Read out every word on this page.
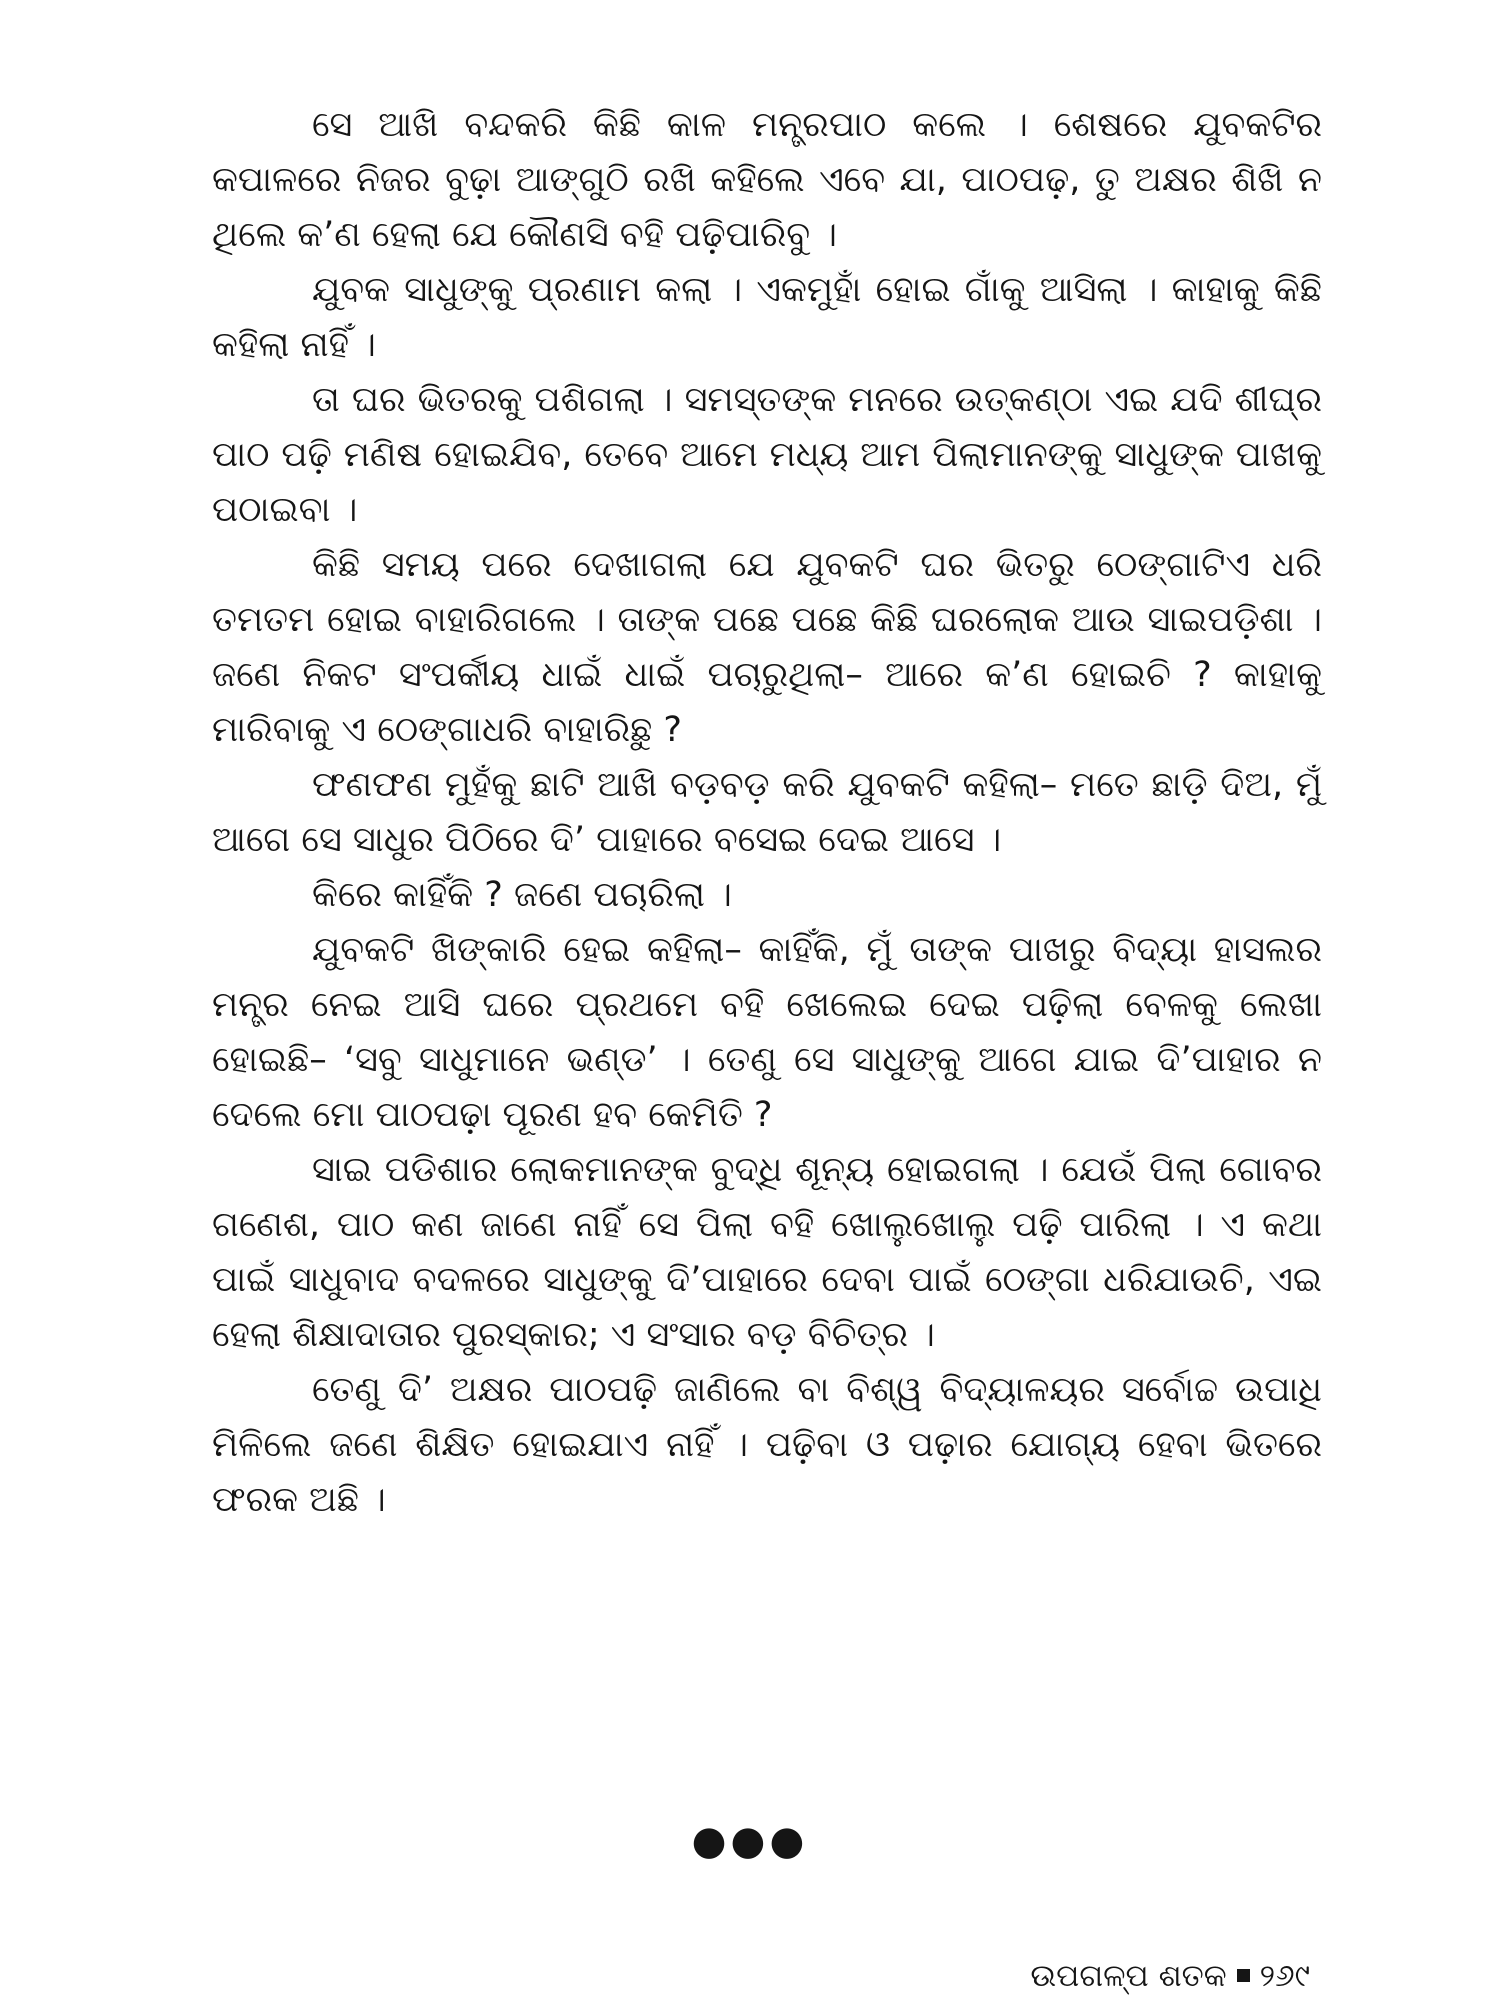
ସେ ଆଖି ବନ୍ଦକରି କିଛି କାଳ ମନ୍ତ୍ରପାଠ କଲେ । ଶେଷରେ ଯୁବକଟିର କପାଳରେ ନିଜର ବୁଢ଼ା ଆଙ୍ଗୁଠି ରଖି କହିଲେ ଏବେ ଯା, ପାଠପଢ଼, ତୁ ଅକ୍ଷର ଶିଖି ନ ଥିଲେ କ’ଣ ହେଲା ଯେ କୌଣସି ବହି ପଢ଼ିପାରିବୁ ।

ଯୁବକ ସାଧୁଙ୍କୁ ପ୍ରଣାମ କଲା । ଏକମୁହାଁ ହୋଇ ଗାଁକୁ ଆସିଲା । କାହାକୁ କିଛି କହିଲା ନାହିଁ ।

ତା ଘର ଭିତରକୁ ପଶିଗଲା । ସମସ୍ତଙ୍କ ମନରେ ଉତ୍କଣ୍ଠା ଏଇ ଯଦି ଶୀଘ୍ର ପାଠ ପଢ଼ି ମଣିଷ ହୋଇଯିବ, ତେବେ ଆମେ ମଧ୍ୟ ଆମ ପିଲାମାନଙ୍କୁ ସାଧୁଙ୍କ ପାଖକୁ ପଠାଇବା ।

କିଛି ସମୟ ପରେ ଦେଖାଗଲା ଯେ ଯୁବକଟି ଘର ଭିତରୁ ଠେଙ୍ଗାଟିଏ ଧରି ତମତମ ହୋଇ ବାହାରିଗଲେ । ତାଙ୍କ ପଛେ ପଛେ କିଛି ଘରଲୋକ ଆଉ ସାଇପଡ଼ିଶା । ଜଣେ ନିକଟ ସଂପର୍କୀୟ ଧାଇଁ ଧାଇଁ ପଚାରୁଥିଲା– ଆରେ କ’ଣ ହୋଇଚି ? କାହାକୁ ମାରିବାକୁ ଏ ଠେଙ୍ଗାଧରି ବାହାରିଛୁ ?

ଫଣଫଣ ମୁହଁକୁ ଛାଟି ଆଖି ବଡ଼ବଡ଼ କରି ଯୁବକଟି କହିଲା– ମତେ ଛାଡ଼ି ଦିଅ, ମୁଁ ଆଗେ ସେ ସାଧୁର ପିଠିରେ ଦି’ ପାହାରେ ବସେଇ ଦେଇ ଆସେ ।

କିରେ କାହିଁକି ? ଜଣେ ପଚାରିଲା ।

ଯୁବକଟି ଖିଙ୍କାରି ହେଇ କହିଲା– କାହିଁକି, ମୁଁ ତାଙ୍କ ପାଖରୁ ବିଦ୍ୟା ହାସଲର ମନ୍ତ୍ର ନେଇ ଆସି ଘରେ ପ୍ରଥମେ ବହି ଖେଲେଇ ଦେଇ ପଢ଼ିଲା ବେଳକୁ ଲେଖା ହୋଇଛି– ‘ସବୁ ସାଧୁମାନେ ଭଣ୍ଡ’ । ତେଣୁ ସେ ସାଧୁଙ୍କୁ ଆଗେ ଯାଇ ଦି’ପାହାର ନ ଦେଲେ ମୋ ପାଠପଢ଼ା ପୂରଣ ହବ କେମିତି ?

ସାଇ ପଡିଶାର ଲୋକମାନଙ୍କ ବୁଦ୍ଧି ଶୂନ୍ୟ ହୋଇଗଲା । ଯେଉଁ ପିଲା ଗୋବର ଗଣେଶ, ପାଠ କଣ ଜାଣେ ନାହିଁ ସେ ପିଲା ବହି ଖୋଲୁଖୋଲୁ ପଢ଼ି ପାରିଲା । ଏ କଥା ପାଇଁ ସାଧୁବାଦ ବଦଳରେ ସାଧୁଙ୍କୁ ଦି’ପାହାରେ ଦେବା ପାଇଁ ଠେଙ୍ଗା ଧରିଯାଉଚି, ଏଇ ହେଲା ଶିକ୍ଷାଦାତାର ପୁରସ୍କାର; ଏ ସଂସାର ବଡ଼ ବିଚିତ୍ର ।

ତେଣୁ ଦି’ ଅକ୍ଷର ପାଠପଢ଼ି ଜାଣିଲେ ବା ବିଶ୍ୱ ବିଦ୍ୟାଳୟର ସର୍ବୋଚ୍ଚ ଉପାଧି ମିଳିଲେ ଜଣେ ଶିକ୍ଷିତ ହୋଇଯାଏ ନାହିଁ । ପଢ଼ିବା ଓ ପଢ଼ାର ଯୋଗ୍ୟ ହେବା ଭିତରେ ଫରକ ଅଛି ।

●●●
ଉପଗଳ୍ପ ଶତକ ୨୬୯
